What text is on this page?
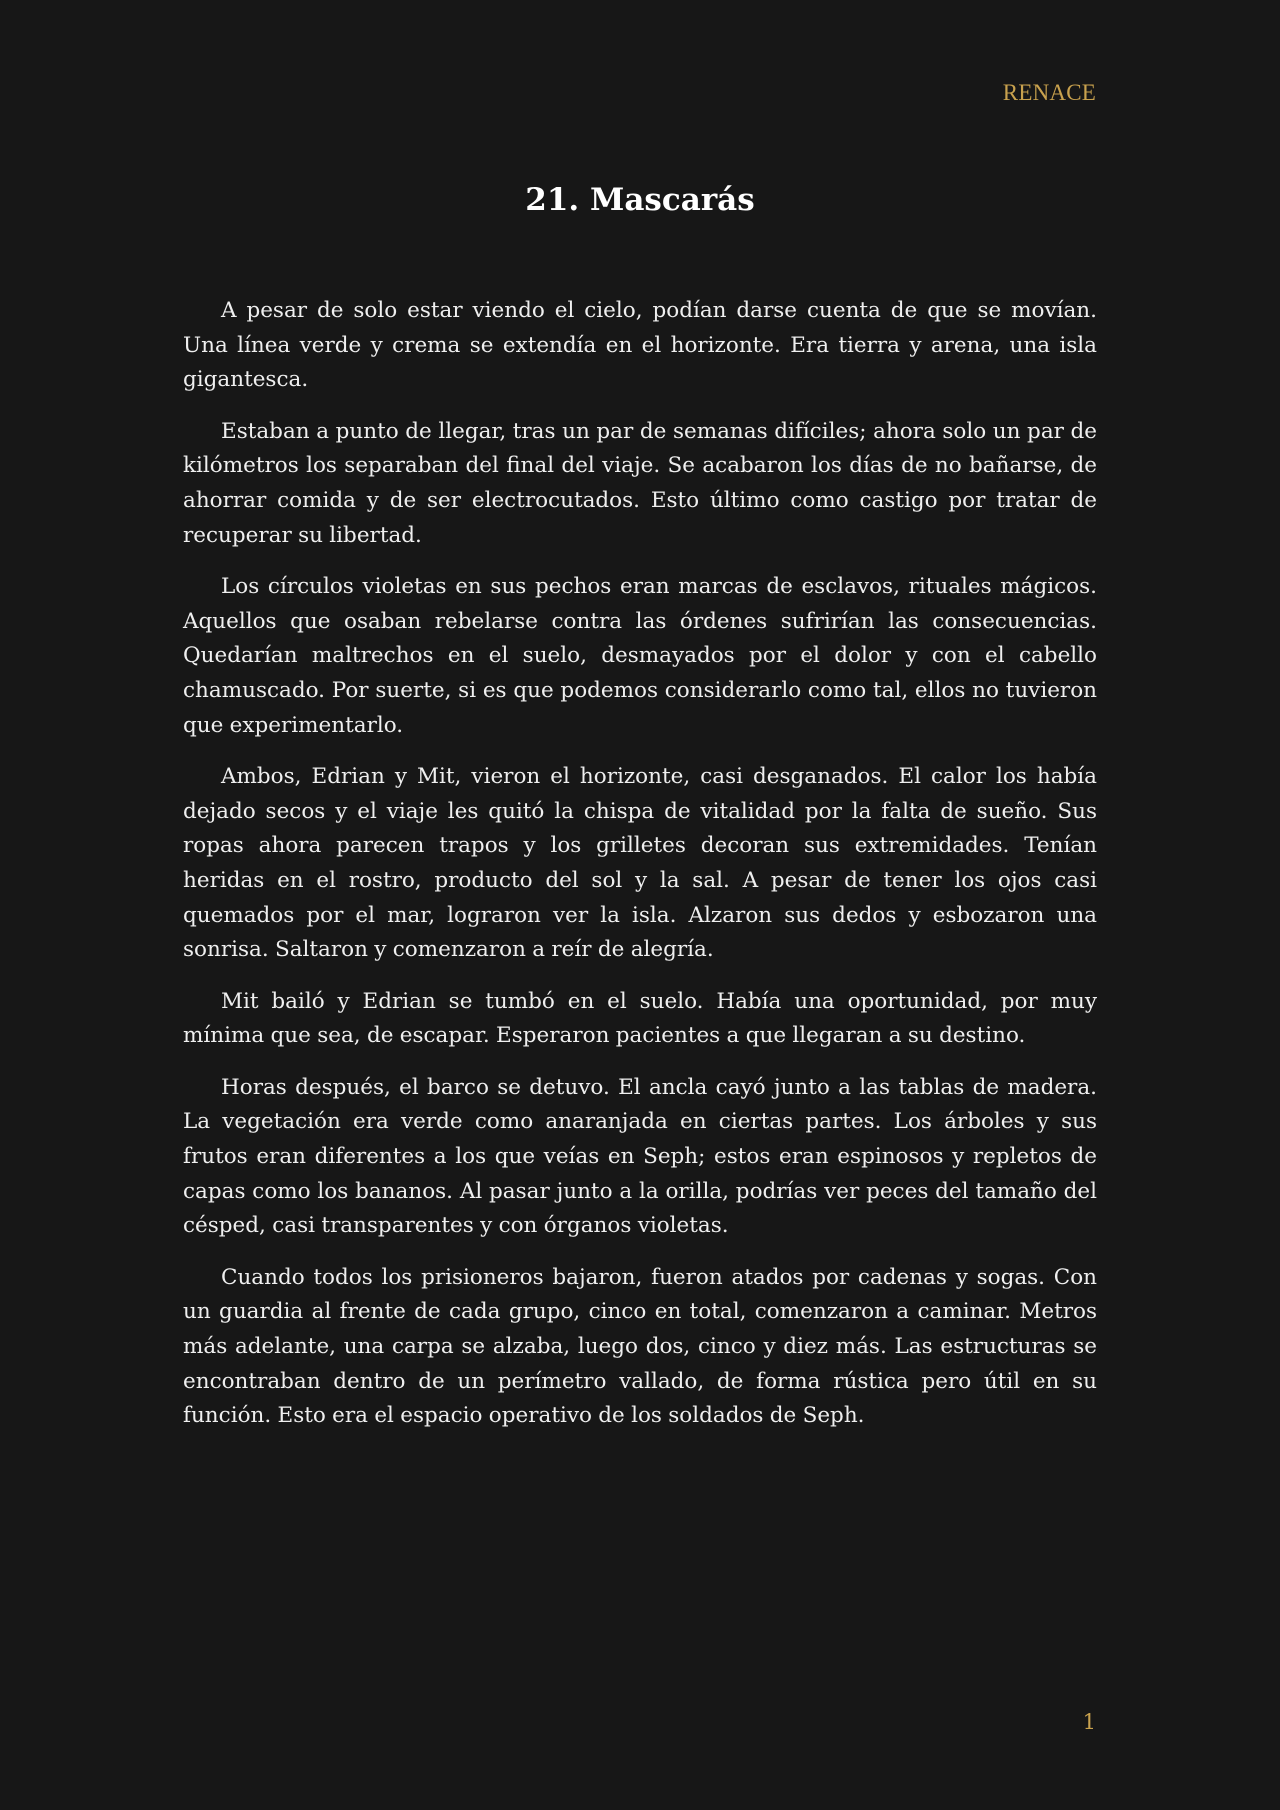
RENACE
21. Mascarás

A pesar de solo estar viendo el cielo, podían darse cuenta de que se movían. Una línea verde y crema se extendía en el horizonte. Era tierra y arena, una isla gigantesca.

Estaban a punto de llegar, tras un par de semanas difíciles; ahora solo un par de kilómetros los separaban del final del viaje. Se acabaron los días de no bañarse, de ahorrar comida y de ser electrocutados. Esto último como castigo por tratar de recuperar su libertad.

Los círculos violetas en sus pechos eran marcas de esclavos, rituales mágicos. Aquellos que osaban rebelarse contra las órdenes sufrirían las consecuencias. Quedarían maltrechos en el suelo, desmayados por el dolor y con el cabello chamuscado. Por suerte, si es que podemos considerarlo como tal, ellos no tuvieron que experimentarlo.

Ambos, Edrian y Mit, vieron el horizonte, casi desganados. El calor los había dejado secos y el viaje les quitó la chispa de vitalidad por la falta de sueño. Sus ropas ahora parecen trapos y los grilletes decoran sus extremidades. Tenían heridas en el rostro, producto del sol y la sal. A pesar de tener los ojos casi quemados por el mar, lograron ver la isla. Alzaron sus dedos y esbozaron una sonrisa. Saltaron y comenzaron a reír de alegría.

Mit bailó y Edrian se tumbó en el suelo. Había una oportunidad, por muy mínima que sea, de escapar. Esperaron pacientes a que llegaran a su destino.

Horas después, el barco se detuvo. El ancla cayó junto a las tablas de madera. La vegetación era verde como anaranjada en ciertas partes. Los árboles y sus frutos eran diferentes a los que veías en Seph; estos eran espinosos y repletos de capas como los bananos. Al pasar junto a la orilla, podrías ver peces del tamaño del césped, casi transparentes y con órganos violetas.

Cuando todos los prisioneros bajaron, fueron atados por cadenas y sogas. Con un guardia al frente de cada grupo, cinco en total, comenzaron a caminar. Metros más adelante, una carpa se alzaba, luego dos, cinco y diez más. Las estructuras se encontraban dentro de un perímetro vallado, de forma rústica pero útil en su función. Esto era el espacio operativo de los soldados de Seph.

1
